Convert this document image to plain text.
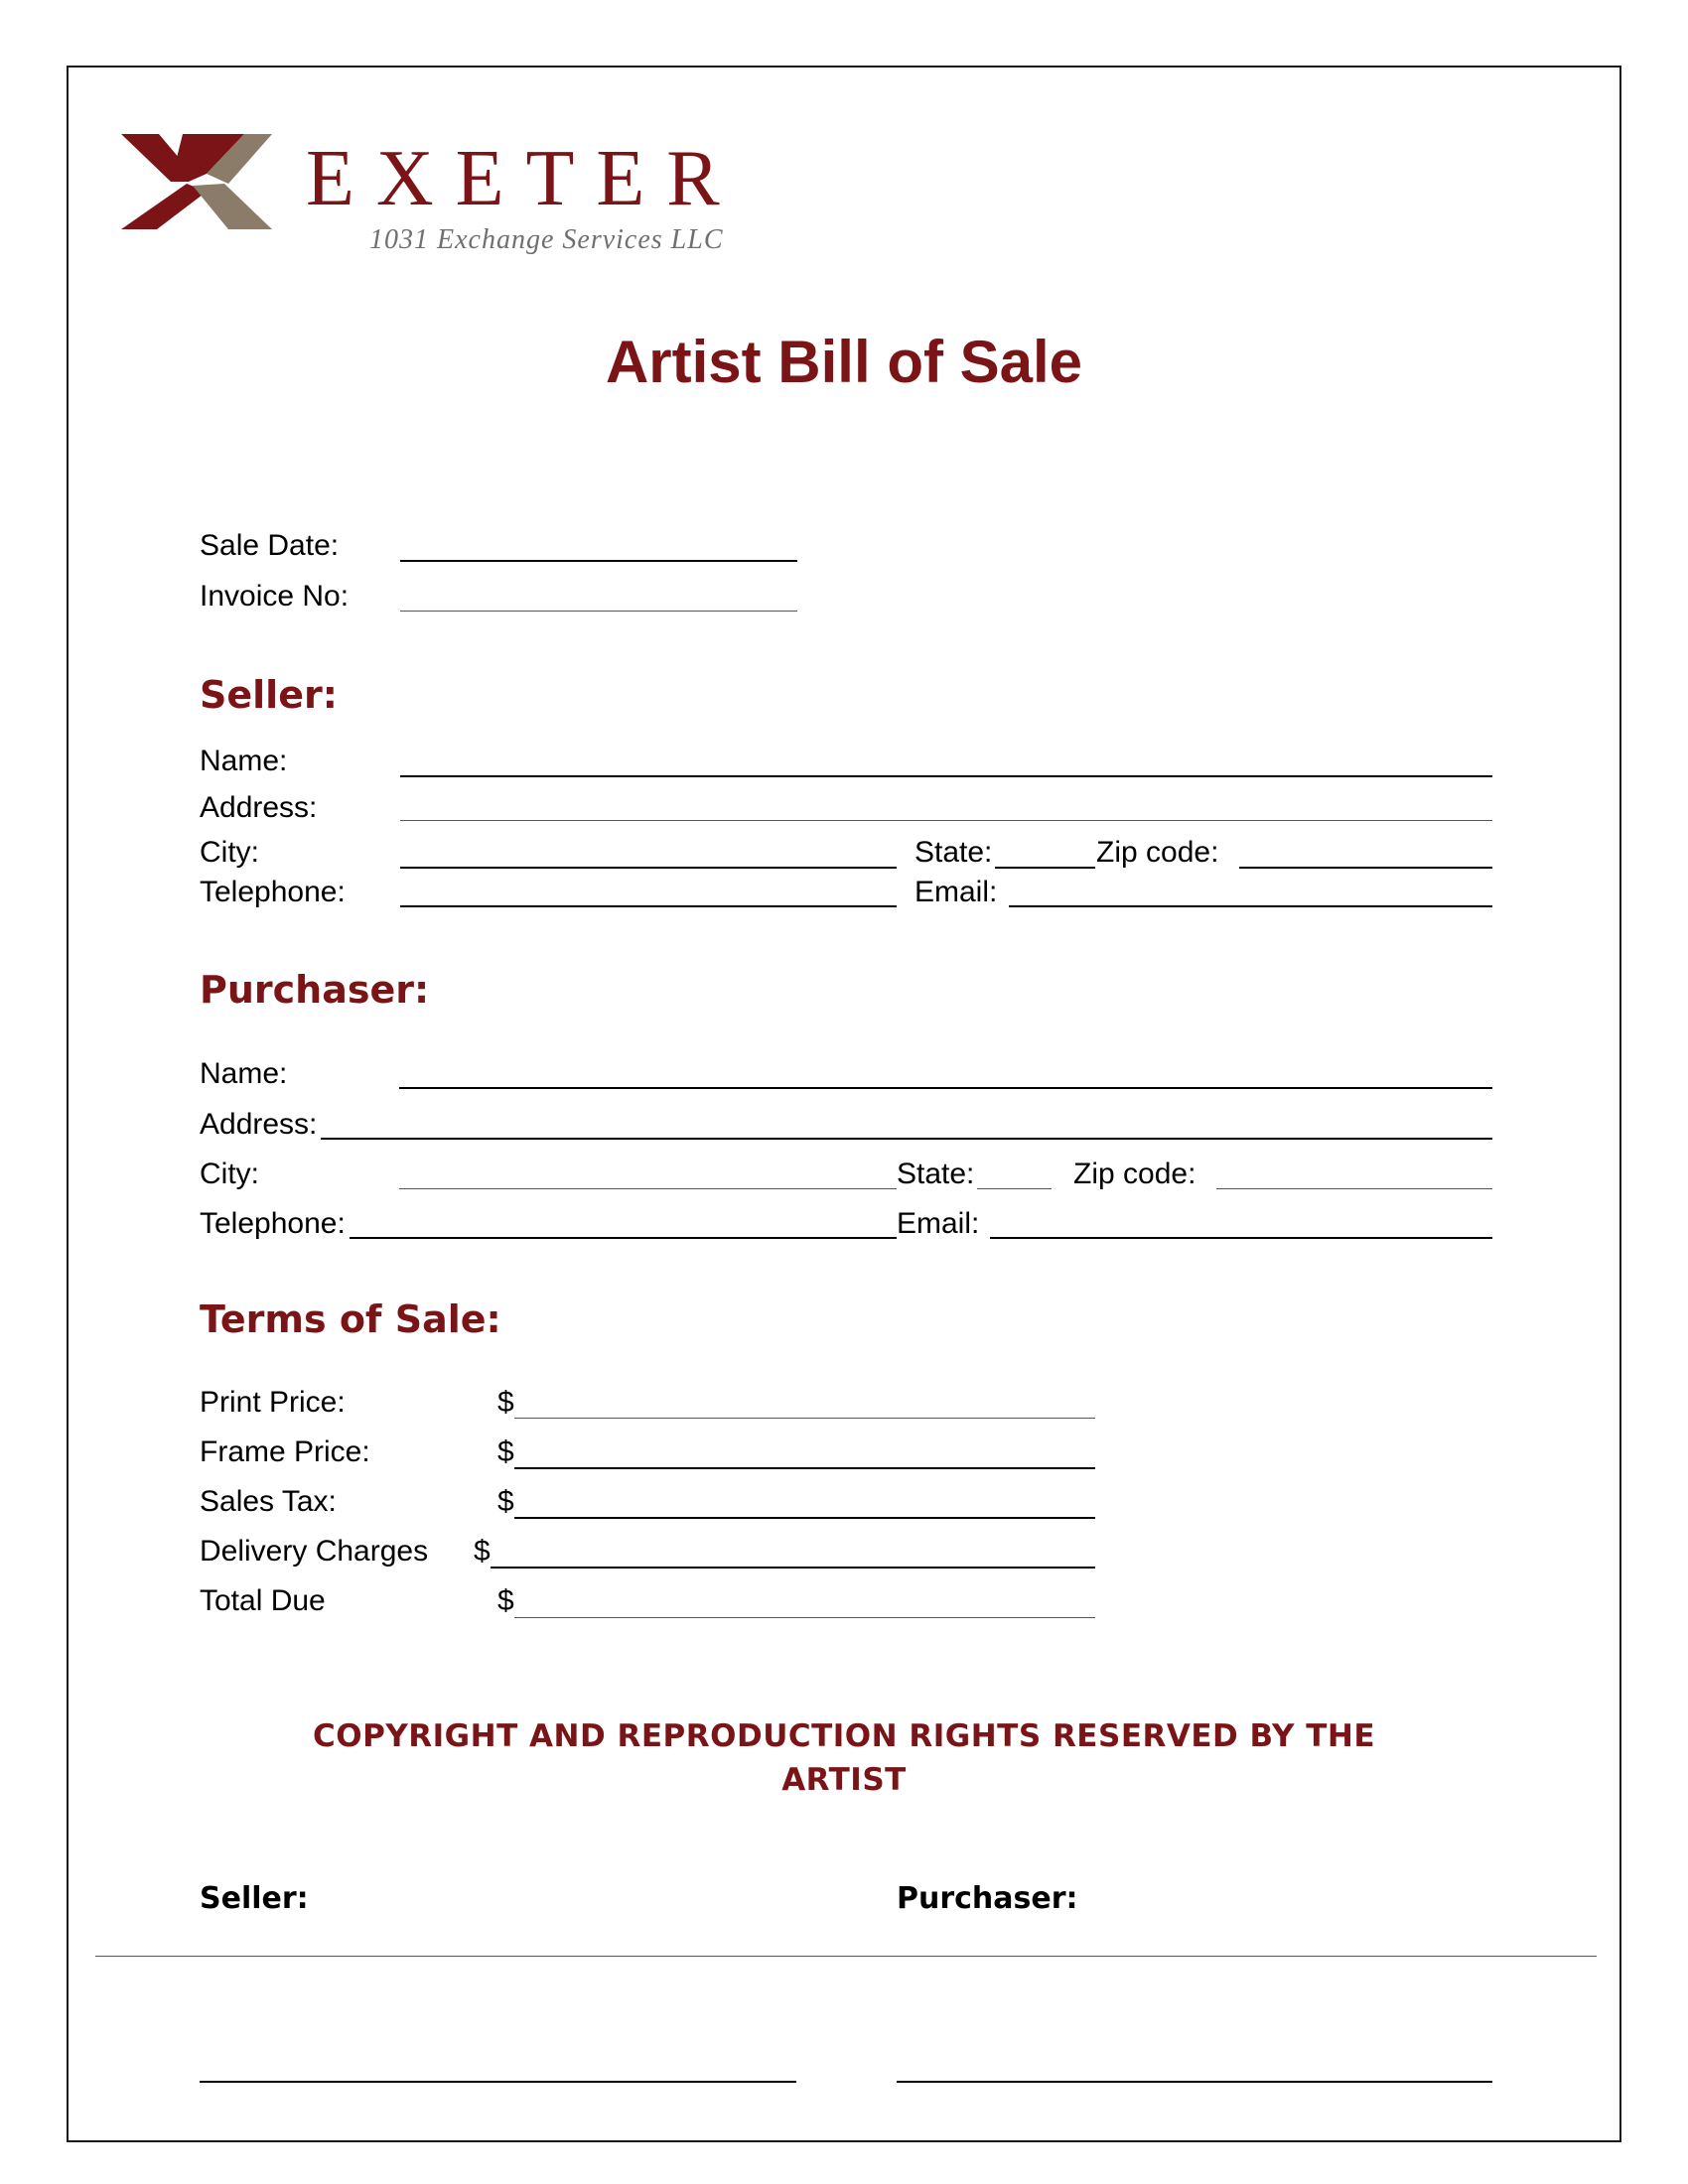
EXETER
1031 Exchange Services LLC
Artist Bill of Sale
Sale Date:
Invoice No:
Seller:
Name:
Address:
City:	State:	Zip code:
Telephone:	Email:
Purchaser:
Name:
Address:
City:	State:	Zip code:
Telephone:	Email:
Terms of Sale:
Print Price:	$
Frame Price:	$
Sales Tax:	$
Delivery Charges $
Total Due	$
COPYRIGHT AND REPRODUCTION RIGHTS RESERVED BY THE ARTIST
Seller:	Purchaser:
